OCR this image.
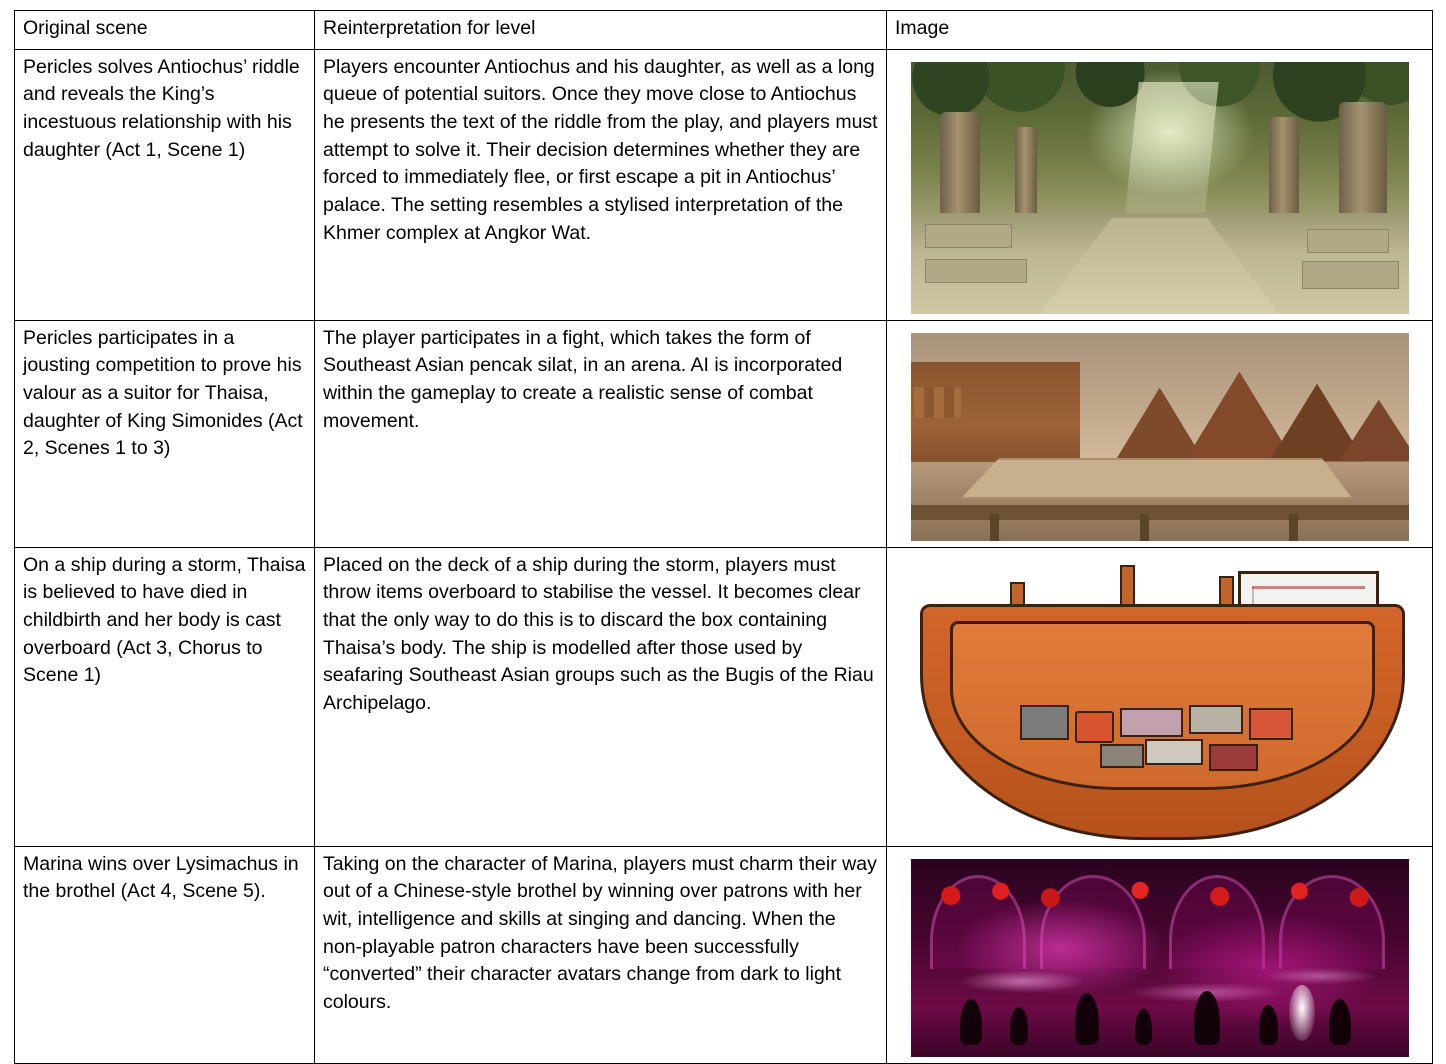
Original scene	Reinterpretation for level	Image
Pericles solves Antiochus’ riddle and reveals the King’s incestuous relationship with his daughter (Act 1, Scene 1)	Players encounter Antiochus and his daughter, as well as a long queue of potential suitors. Once they move close to Antiochus he presents the text of the riddle from the play, and players must attempt to solve it. Their decision determines whether they are forced to immediately flee, or first escape a pit in Antiochus’ palace. The setting resembles a stylised interpretation of the Khmer complex at Angkor Wat.	

Pericles participates in a jousting competition to prove his valour as a suitor for Thaisa, daughter of King Simonides (Act 2, Scenes 1 to 3)	The player participates in a fight, which takes the form of Southeast Asian pencak silat, in an arena. AI is incorporated within the gameplay to create a realistic sense of combat movement.	

On a ship during a storm, Thaisa is believed to have died in childbirth and her body is cast overboard (Act 3, Chorus to Scene 1)	Placed on the deck of a ship during the storm, players must throw items overboard to stabilise the vessel. It becomes clear that the only way to do this is to discard the box containing Thaisa’s body. The ship is modelled after those used by seafaring Southeast Asian groups such as the Bugis of the Riau Archipelago.	

Marina wins over Lysimachus in the brothel (Act 4, Scene 5).	Taking on the character of Marina, players must charm their way out of a Chinese-style brothel by winning over patrons with her wit, intelligence and skills at singing and dancing. When the non-playable patron characters have been successfully “converted” their character avatars change from dark to light colours.	
